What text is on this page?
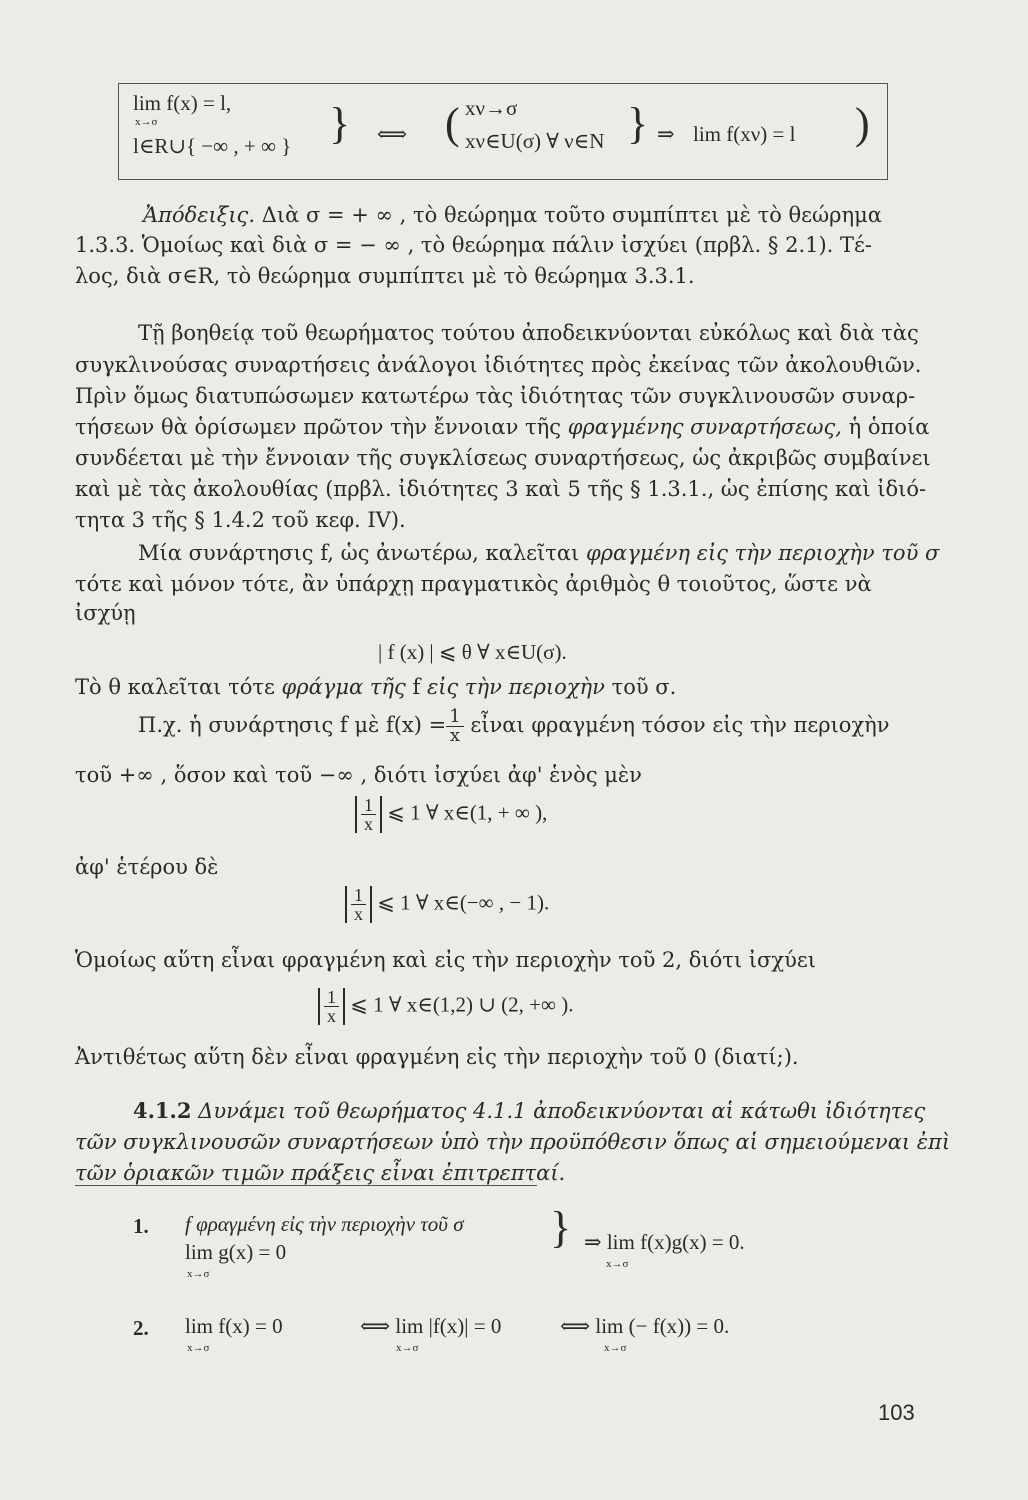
lim f(x) = l,
x→σ
l∈R∪{ −∞ , + ∞ } } ⟺ ( xν→σ
xν∈U(σ) ∀ ν∈N } ⇒ lim f(xν) = l )
Ἀπόδειξις. Διὰ σ = + ∞ , τὸ θεώρημα τοῦτο συμπίπτει μὲ τὸ θεώρημα
1.3.3. Ὁμοίως καὶ διὰ σ = − ∞ , τὸ θεώρημα πάλιν ἰσχύει (πρβλ. § 2.1). Τέ-
λος, διὰ σ∈R, τὸ θεώρημα συμπίπτει μὲ τὸ θεώρημα 3.3.1.
Τῇ βοηθείᾳ τοῦ θεωρήματος τούτου ἀποδεικνύονται εὐκόλως καὶ διὰ τὰς
συγκλινούσας συναρτήσεις ἀνάλογοι ἰδιότητες πρὸς ἐκείνας τῶν ἀκολουθιῶν.
Πρὶν ὅμως διατυπώσωμεν κατωτέρω τὰς ἰδιότητας τῶν συγκλινουσῶν συναρ-
τήσεων θὰ ὁρίσωμεν πρῶτον τὴν ἔννοιαν τῆς φραγμένης συναρτήσεως, ἡ ὁποία
συνδέεται μὲ τὴν ἔννοιαν τῆς συγκλίσεως συναρτήσεως, ὡς ἀκριβῶς συμβαίνει
καὶ μὲ τὰς ἀκολουθίας (πρβλ. ἰδιότητες 3 καὶ 5 τῆς § 1.3.1., ὡς ἐπίσης καὶ ἰδιό-
τητα 3 τῆς § 1.4.2 τοῦ κεφ. IV).
Μία συνάρτησις f, ὡς ἀνωτέρω, καλεῖται φραγμένη εἰς τὴν περιοχὴν τοῦ σ
τότε καὶ μόνον τότε, ἂν ὑπάρχῃ πραγματικὸς ἀριθμὸς θ τοιοῦτος, ὥστε νὰ
ἰσχύῃ
| f (x) | ⩽ θ ∀ x∈U(σ).
Τὸ θ καλεῖται τότε φράγμα τῆς f εἰς τὴν περιοχὴν τοῦ σ.
Π.χ. ἡ συνάρτησις f μὲ $f(x) = \frac{1}{x}$ εἶναι φραγμένη τόσον εἰς τὴν περιοχὴν
τοῦ +∞ , ὅσον καὶ τοῦ −∞ , διότι ἰσχύει ἀφ' ἑνὸς μὲν
$\frac{1}{x}$ ⩽ 1 ∀ x∈(1, + ∞ ),
ἀφ' ἑτέρου δὲ
$\frac{1}{x}$ ⩽ 1 ∀ x∈(−∞ , − 1).
Ὁμοίως αὕτη εἶναι φραγμένη καὶ εἰς τὴν περιοχὴν τοῦ 2, διότι ἰσχύει
$\frac{1}{x}$ ⩽ 1 ∀ x∈(1,2) ∪ (2, +∞ ).
Ἀντιθέτως αὕτη δὲν εἶναι φραγμένη εἰς τὴν περιοχὴν τοῦ 0 (διατί;).
4.1.2 Δυνάμει τοῦ θεωρήματος 4.1.1 ἀποδεικνύονται αἱ κάτωθι ἰδιότητες
τῶν συγκλινουσῶν συναρτήσεων ὑπὸ τὴν προϋπόθεσιν ὅπως αἱ σημειούμεναι ἐπὶ
τῶν ὁριακῶν τιμῶν πράξεις εἶναι ἐπιτρεπταί.
1. f φραγμένη εἰς τὴν περιοχὴν τοῦ σ
lim g(x) = 0
x→σ
} ⇒ lim f(x)g(x) = 0.
x→σ
2. lim f(x) = 0
x→σ
⟺ lim |f(x)| = 0
x→σ
⟺ lim (− f(x)) = 0.
x→σ
103
